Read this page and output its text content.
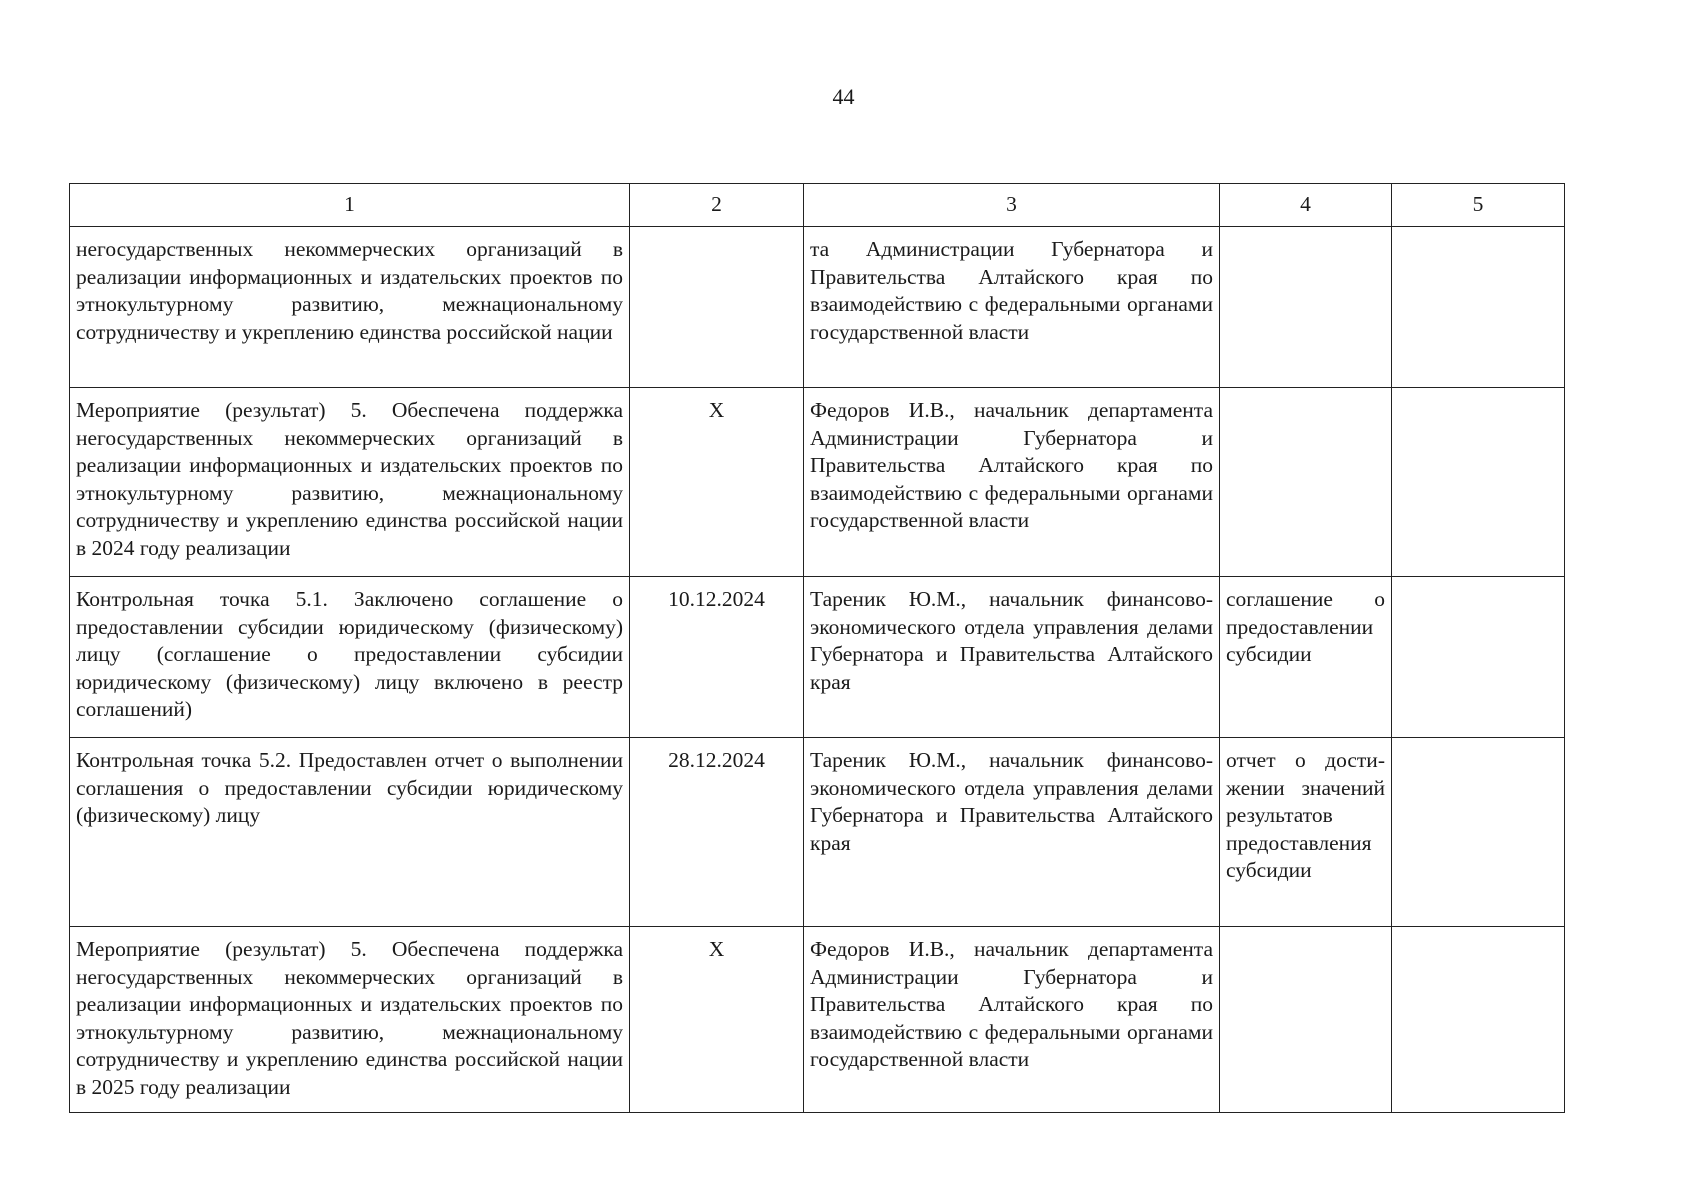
44
1	2	3	4	5
негосударственных некоммерческих организаций в реализации информационных и издательских проектов по этнокультурному развитию, межнациональному сотрудничеству и укреплению единства российской нации		та Администрации Губернатора и Правительства Алтайского края по взаимодействию с федеральными органами государственной власти		
Мероприятие (результат) 5. Обеспечена поддержка негосударственных некоммерческих организаций в реализации информационных и издательских проектов по этнокультурному развитию, межнациональному сотрудничеству и укреплению единства российской нации в 2024 году реализации	X	Федоров И.В., начальник департамента Администрации Губернатора и Правительства Алтайского края по взаимодействию с федеральными органами государственной власти		
Контрольная точка 5.1. Заключено соглашение о предоставлении субсидии юридическому (физическому) лицу (соглашение о предоставлении субсидии юридическому (физическому) лицу включено в реестр соглашений)	10.12.2024	Тареник Ю.М., начальник финансово-экономического отдела управления делами Губернатора и Правительства Алтайского края	соглашение о предоставлении субсидии	
Контрольная точка 5.2. Предоставлен отчет о выполнении соглашения о предоставлении субсидии юридическому (физическому) лицу	28.12.2024	Тареник Ю.М., начальник финансово-экономического отдела управления делами Губернатора и Правительства Алтайского края	отчет о достижении значений результатов предоставления субсидии	
Мероприятие (результат) 5. Обеспечена поддержка негосударственных некоммерческих организаций в реализации информационных и издательских проектов по этнокультурному развитию, межнациональному сотрудничеству и укреплению единства российской нации в 2025 году реализации	X	Федоров И.В., начальник департамента Администрации Губернатора и Правительства Алтайского края по взаимодействию с федеральными органами государственной власти		
